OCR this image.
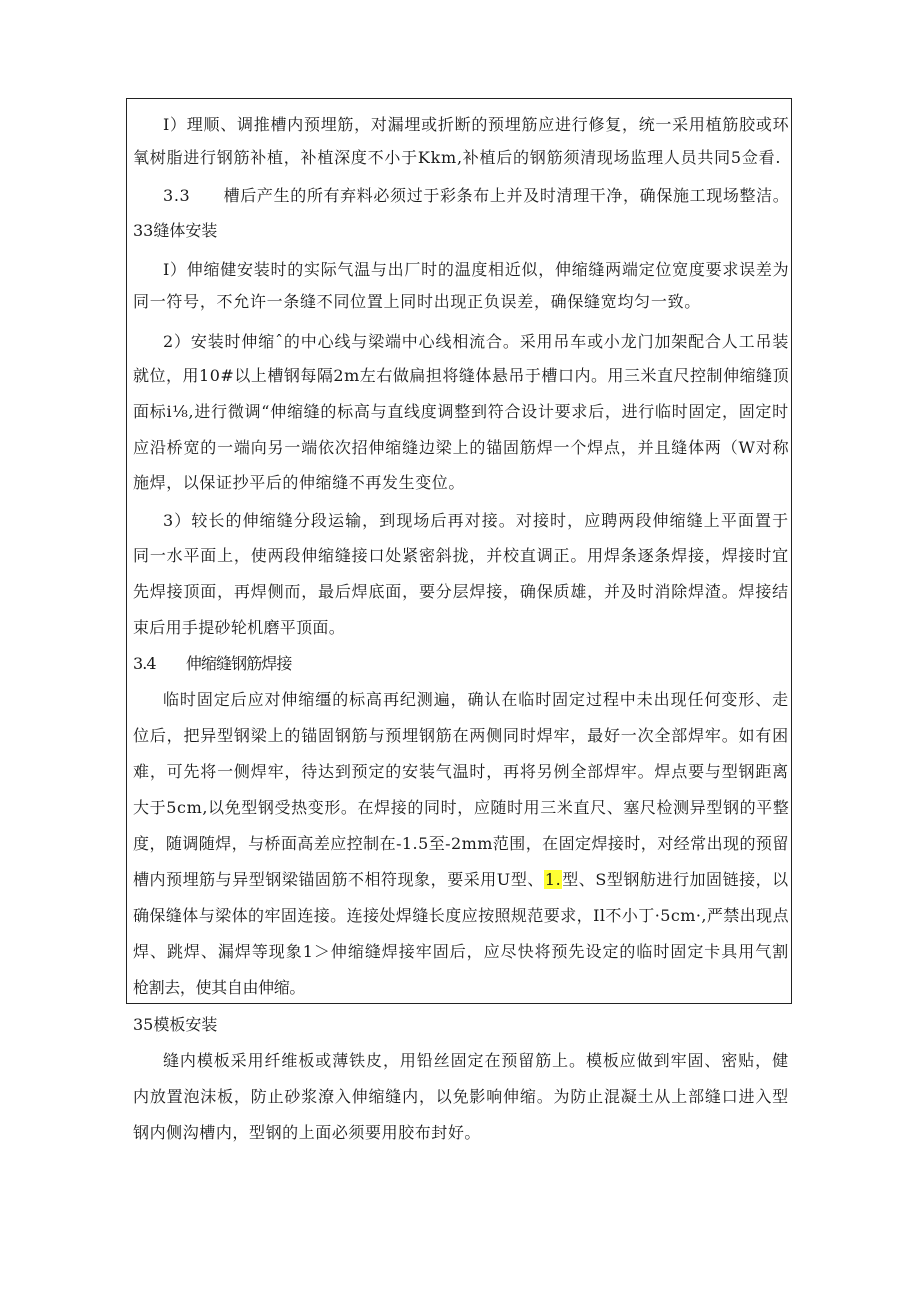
I）理顺、调推槽内预埋筋，对漏埋或折断的预埋筋应进行修复，统一采用植筋胶或环
氧树脂进行钢筋补植，补植深度不小于Kkm,补植后的钢筋须清现场监理人员共同5佥看.
3.3　　槽后产生的所有弃料必须过于彩条布上并及时清理干净，确保施工现场整洁。
33缝体安装
I）伸缩健安装时的实际气温与出厂时的温度相近似，伸缩缝两端定位宽度要求误差为
同一符号，不允许一条缝不同位置上同时出现正负误差，确保缝宽均匀一致。
2）安装时伸缩ˆ的中心线与梁端中心线相流合。采用吊车或小龙门加架配合人工吊装
就位，用10#以上槽钢每隔2m左右做扁担将缝体悬吊于槽口内。用三米直尺控制伸缩缝顶
面标i⅛,进行微调“伸缩缝的标高与直线度调整到符合设计要求后，进行临时固定，固定时
应沿桥宽的一端向另一端依次招伸缩缝边梁上的锚固筋焊一个焊点，并且缝体两（W对称
施焊，以保证抄平后的伸缩缝不再发生变位。
3）较长的伸缩缝分段运输，到现场后再对接。对接时，应聘两段伸缩缝上平面置于
同一水平面上，使两段伸缩缝接口处紧密斜拢，并校直调正。用焊条逐条焊接，焊接时宜
先焊接顶面，再焊侧而，最后焊底面，要分层焊接，确保质雄，并及时消除焊渣。焊接结
束后用手提砂轮机磨平顶面。
3.4　　伸缩缝钢筋焊接
临时固定后应对伸缩缰的标高再纪测遍，确认在临时固定过程中未出现任何变形、走
位后，把异型钢梁上的锚固钢筋与预埋钢筋在两侧同时焊牢，最好一次全部焊牢。如有困
难，可先将一侧焊牢，待达到预定的安装气温时，再将另例全部焊牢。焊点要与型钢距离
大于5cm,以免型钢受热变形。在焊接的同时，应随时用三米直尺、塞尺检测异型钢的平整
度，随调随焊，与桥面高差应控制在-1.5至-2mm范围，在固定焊接时，对经常出现的预留
槽内预埋筋与异型钢梁锚固筋不相符现象，要采用U型、1.型、S型钢舫进行加固链接，以
确保缝体与梁体的牢固连接。连接处焊缝长度应按照规范要求，Il不小丁·5cm·,严禁出现点
焊、跳焊、漏焊等现象1＞伸缩缝焊接牢固后，应尽快将预先设定的临时固定卡具用气割
枪割去，使其自由伸缩。
35模板安装
缝内模板采用纤维板或薄铁皮，用铅丝固定在预留筋上。模板应做到牢固、密贴，健
内放置泡沫板，防止砂浆潦入伸缩缝内，以免影响伸缩。为防止混凝土从上部缝口进入型
钢内侧沟槽内，型钢的上面必须要用胶布封好。
